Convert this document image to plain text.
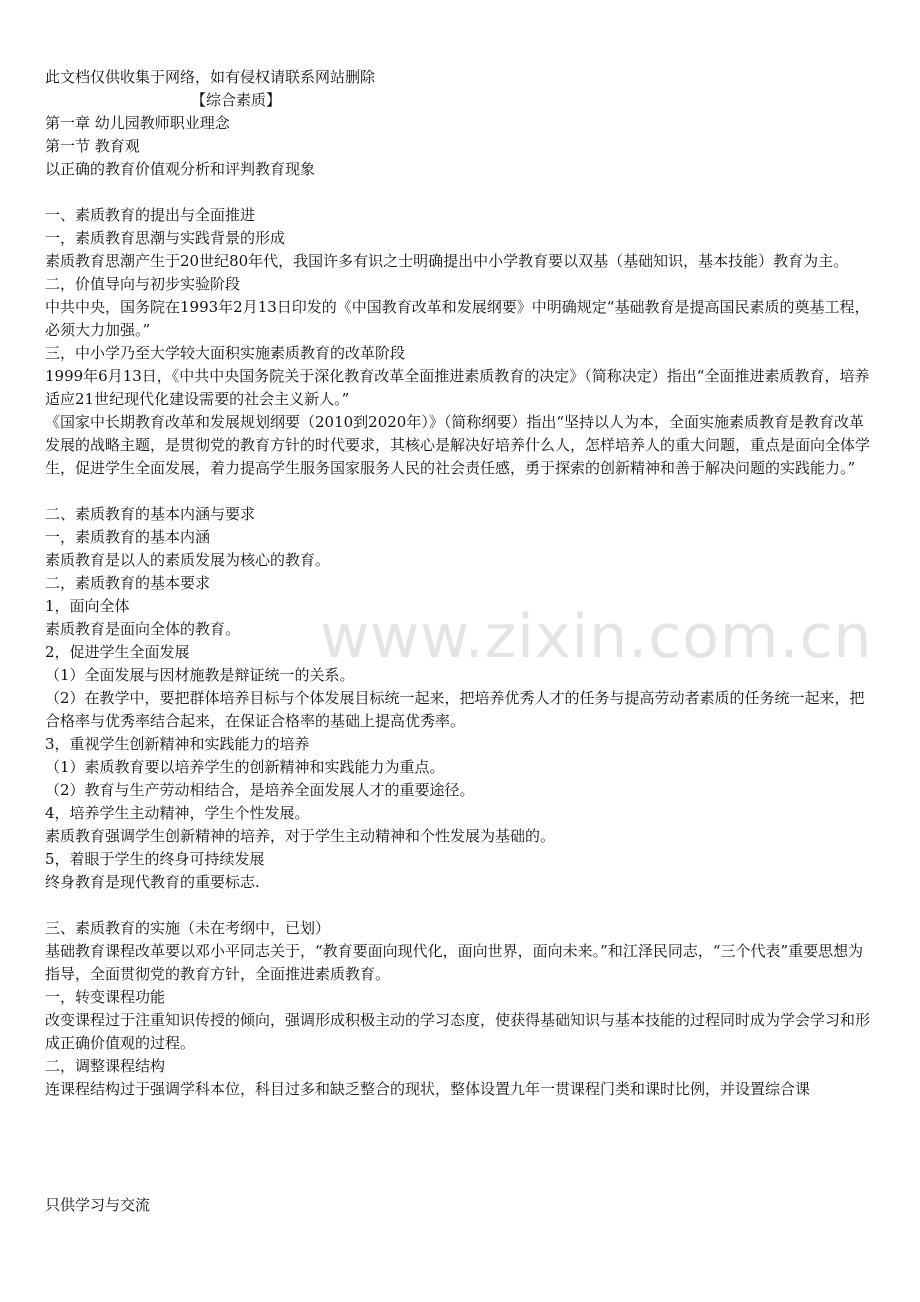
此文档仅供收集于网络，如有侵权请联系网站删除
【综合素质】
第一章 幼儿园教师职业理念
第一节 教育观
以正确的教育价值观分析和评判教育现象
一、素质教育的提出与全面推进
一，素质教育思潮与实践背景的形成
素质教育思潮产生于20世纪80年代，我国许多有识之士明确提出中小学教育要以双基（基础知识，基本技能）教育为主。
二，价值导向与初步实验阶段
中共中央，国务院在1993年2月13日印发的《中国教育改革和发展纲要》中明确规定“基础教育是提高国民素质的奠基工程，必须大力加强。”
三，中小学乃至大学较大面积实施素质教育的改革阶段
1999年6月13日，《中共中央国务院关于深化教育改革全面推进素质教育的决定》（简称决定）指出“全面推进素质教育，培养适应21世纪现代化建设需要的社会主义新人。”
《国家中长期教育改革和发展规划纲要（2010到2020年）》（简称纲要）指出“坚持以人为本，全面实施素质教育是教育改革发展的战略主题，是贯彻党的教育方针的时代要求，其核心是解决好培养什么人，怎样培养人的重大问题，重点是面向全体学生，促进学生全面发展，着力提高学生服务国家服务人民的社会责任感，勇于探索的创新精神和善于解决问题的实践能力。”
二、素质教育的基本内涵与要求
一，素质教育的基本内涵
素质教育是以人的素质发展为核心的教育。
二，素质教育的基本要求
1，面向全体
素质教育是面向全体的教育。
2，促进学生全面发展
（1）全面发展与因材施教是辩证统一的关系。
（2）在教学中，要把群体培养目标与个体发展目标统一起来，把培养优秀人才的任务与提高劳动者素质的任务统一起来，把合格率与优秀率结合起来，在保证合格率的基础上提高优秀率。
3，重视学生创新精神和实践能力的培养
（1）素质教育要以培养学生的创新精神和实践能力为重点。
（2）教育与生产劳动相结合，是培养全面发展人才的重要途径。
4，培养学生主动精神，学生个性发展。
素质教育强调学生创新精神的培养，对于学生主动精神和个性发展为基础的。
5，着眼于学生的终身可持续发展
终身教育是现代教育的重要标志.
三、素质教育的实施（未在考纲中，已划）
基础教育课程改革要以邓小平同志关于，“教育要面向现代化，面向世界，面向未来。”和江泽民同志，“三个代表”重要思想为指导，全面贯彻党的教育方针，全面推进素质教育。
一，转变课程功能
改变课程过于注重知识传授的倾向，强调形成积极主动的学习态度，使获得基础知识与基本技能的过程同时成为学会学习和形成正确价值观的过程。
二，调整课程结构
连课程结构过于强调学科本位，科目过多和缺乏整合的现状，整体设置九年一贯课程门类和课时比例，并设置综合课
www.zixin.com.cn
只供学习与交流
